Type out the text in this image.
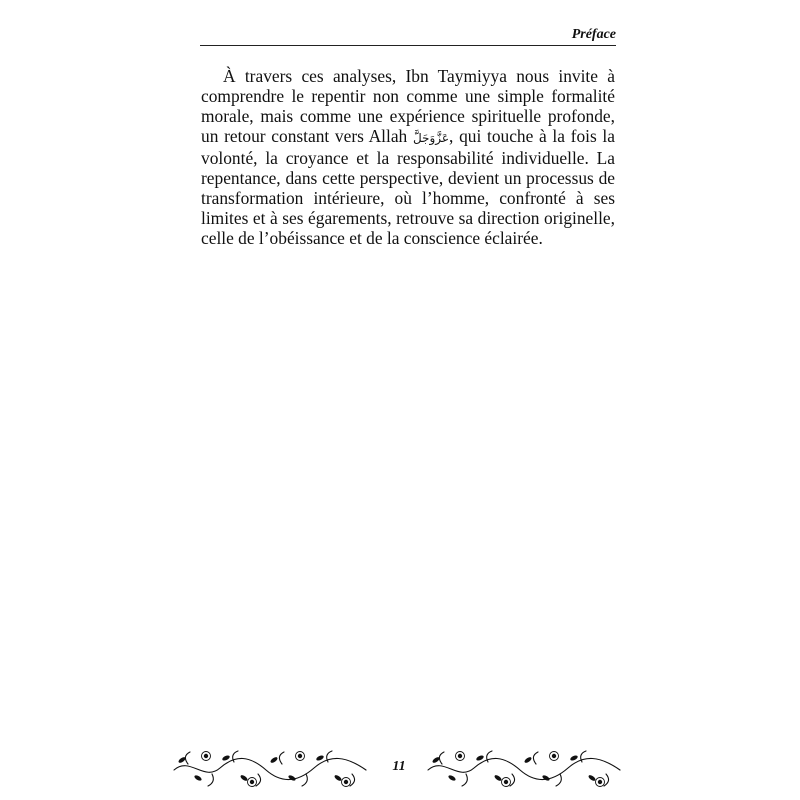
Préface

À travers ces analyses, Ibn Taymiyya nous invite à comprendre le repentir non comme une simple formalité morale, mais comme une expérience spirituelle profonde, un retour constant vers Allah عَزَّوَجَلَّ, qui touche à la fois la volonté, la croyance et la responsabilité individuelle. La repentance, dans cette perspective, devient un processus de transformation intérieure, où l’homme, confronté à ses limites et à ses égarements, retrouve sa direction originelle, celle de l’obéissance et de la conscience éclairée.

11
